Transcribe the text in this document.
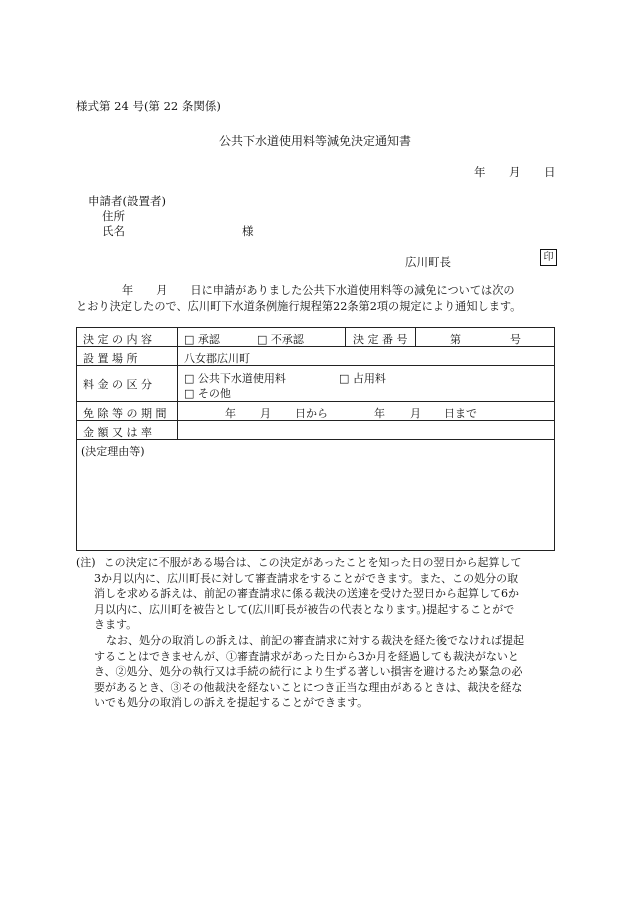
様式第 24 号(第 22 条関係)
公共下水道使用料等減免決定通知書
年 月 日
申請者(設置者)
住所
氏名	様
広川町長	印
年 月 日に申請がありました公共下水道使用料等の減免については次の
とおり決定したので、広川町下水道条例施行規程第22条第2項の規定により通知します。
決 定 の 内 容	□ 承認	□ 不承認	決 定 番 号	第	号
設 置 場 所	八女郡広川町
料 金 の 区 分	□ 公共下水道使用料	□ 占用料
□ その他
免 除 等 の 期 間	年 月 日から	年 月 日まで
金 額 又 は 率
(決定理由等)
(注) この決定に不服がある場合は、この決定があったことを知った日の翌日から起算して
3か月以内に、広川町長に対して審査請求をすることができます。また、この処分の取
消しを求める訴えは、前記の審査請求に係る裁決の送達を受けた翌日から起算して6か
月以内に、広川町を被告として(広川町長が被告の代表となります。)提起することがで
きます。
なお、処分の取消しの訴えは、前記の審査請求に対する裁決を経た後でなければ提起
することはできませんが、①審査請求があった日から3か月を経過しても裁決がないと
き、②処分、処分の執行又は手続の続行により生ずる著しい損害を避けるため緊急の必
要があるとき、③その他裁決を経ないことにつき正当な理由があるときは、裁決を経な
いでも処分の取消しの訴えを提起することができます。
